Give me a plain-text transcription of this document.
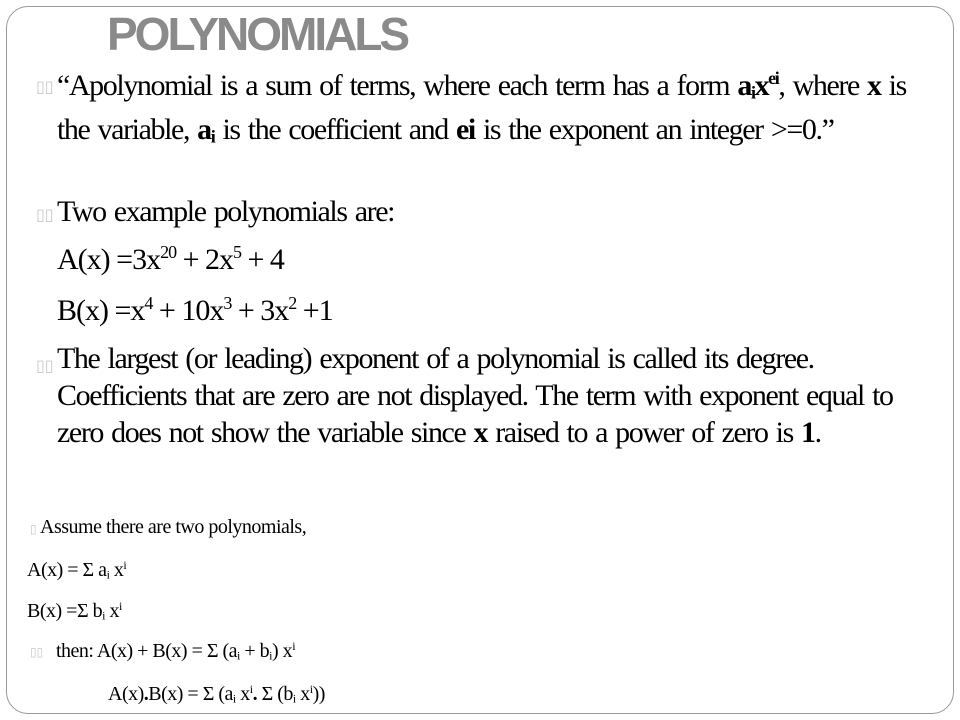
POLYNOMIALS
▯▯ “Apolynomial is a sum of terms, where each term has a form $a_ix^{ei}$, where x is the variable, $a_i$ is the coefficient and ei is the exponent an integer >=0.”
▯▯ Two example polynomials are:
$A(x) =3x^{20} + 2x^5 + 4$
$B(x) =x^4 + 10x^3 + 3x^2 +1$
▯▯ The largest (or leading) exponent of a polynomial is called its degree. Coefficients that are zero are not displayed. The term with exponent equal to zero does not show the variable since x raised to a power of zero is 1.
▯ Assume there are two polynomials,
A(x) = Σ $a_i$ $x^i$
B(x) =Σ $b_i$ $x^i$
▯▯ then: A(x) + B(x) = Σ $(a_i + b_i)$ $x^i$
A(x).B(x) = Σ ($a_i$ $x^i$. Σ ($b_i$ $x^i$))
